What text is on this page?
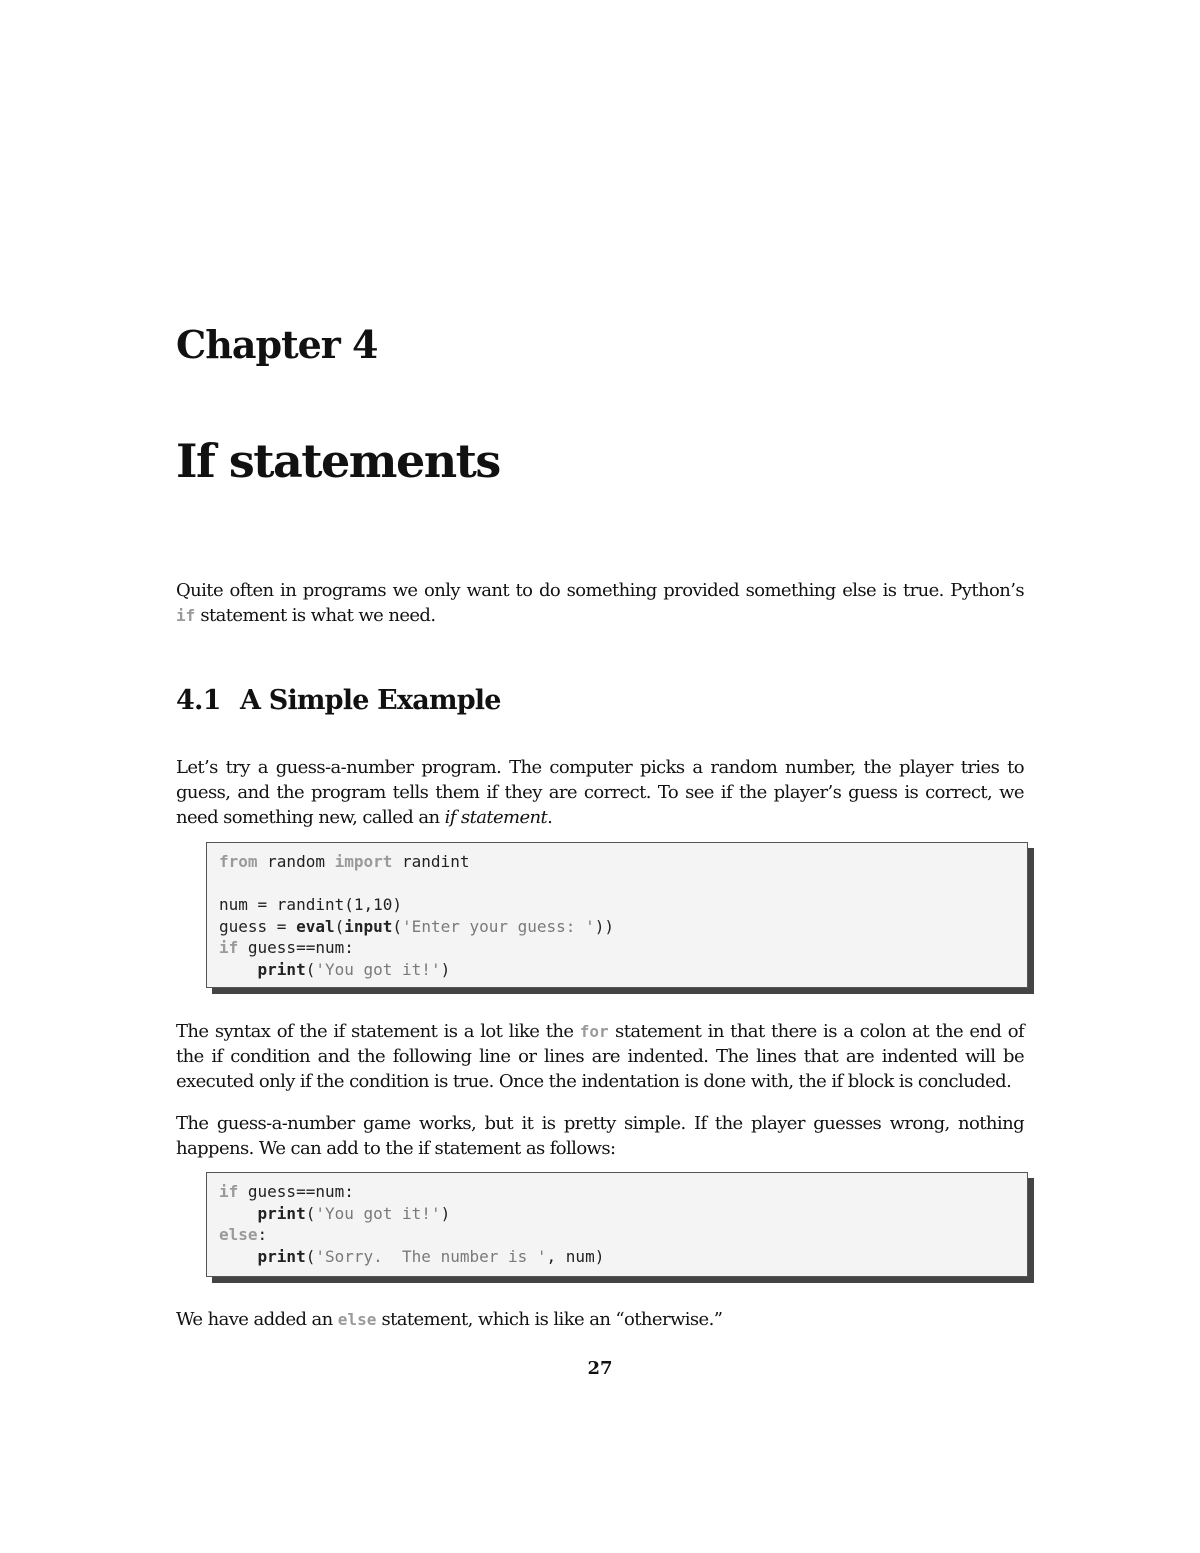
Chapter 4
If statements

Quite often in programs we only want to do something provided something else is true. Python’s if statement is what we need.

4.1 A Simple Example

Let’s try a guess-a-number program. The computer picks a random number, the player tries to guess, and the program tells them if they are correct. To see if the player’s guess is correct, we need something new, called an if statement.

from random import randint
num = randint(1,10)
guess = eval(input('Enter your guess: '))
if guess==num:
print('You got it!')

The syntax of the if statement is a lot like the for statement in that there is a colon at the end of the if condition and the following line or lines are indented. The lines that are indented will be executed only if the condition is true. Once the indentation is done with, the if block is concluded.

The guess-a-number game works, but it is pretty simple. If the player guesses wrong, nothing happens. We can add to the if statement as follows:

if guess==num:
print('You got it!')
else:
print('Sorry.  The number is ', num)

We have added an else statement, which is like an “otherwise.”

27
